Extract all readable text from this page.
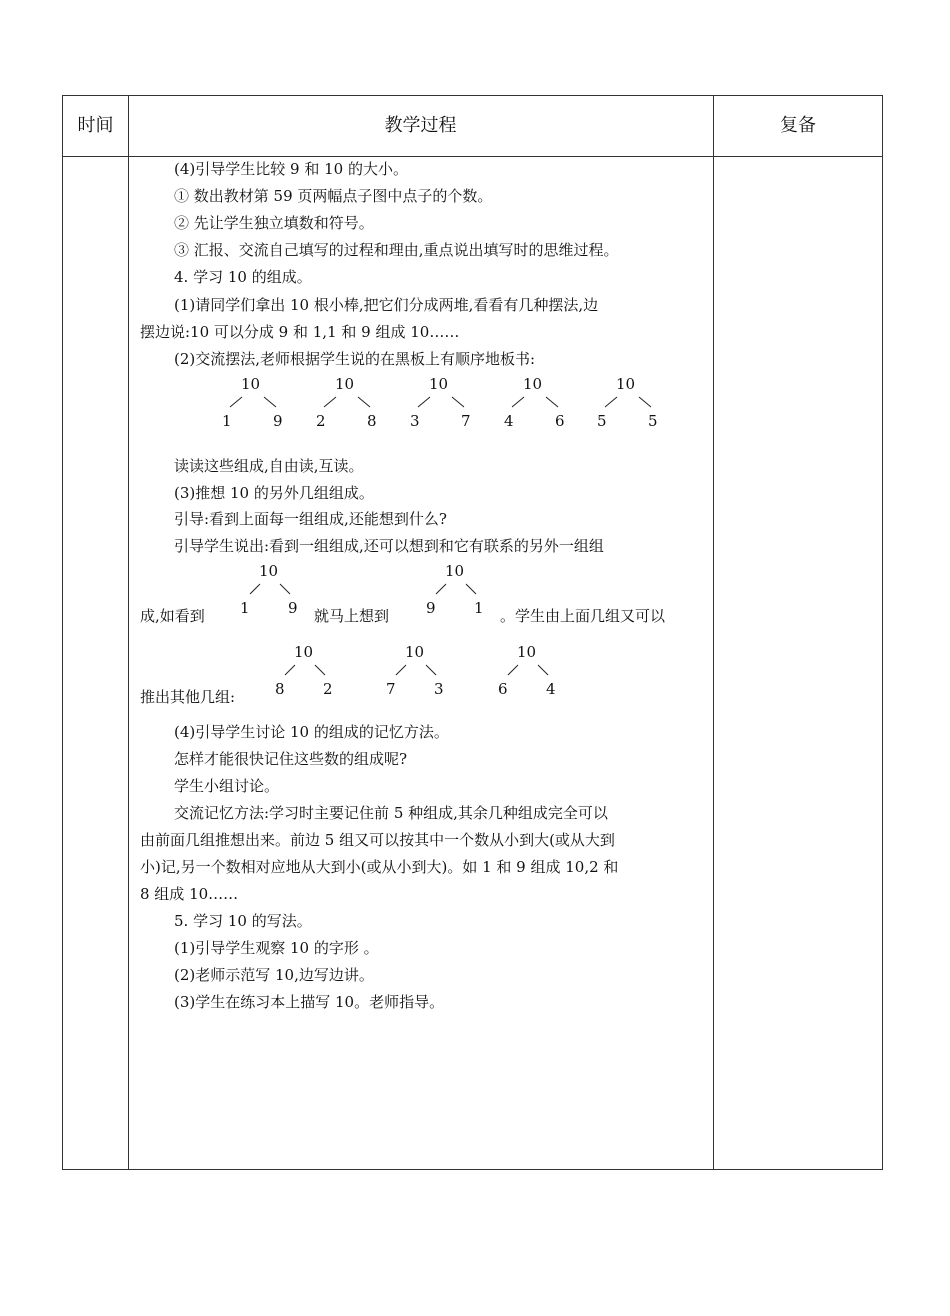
时间	教学过程	复备
(4)引导学生比较 9 和 10 的大小。
① 数出教材第 59 页两幅点子图中点子的个数。
② 先让学生独立填数和符号。
③ 汇报、交流自己填写的过程和理由,重点说出填写时的思维过程。
4. 学习 10 的组成。
(1)请同学们拿出 10 根小棒,把它们分成两堆,看看有几种摆法,边
摆边说:10 可以分成 9 和 1,1 和 9 组成 10……
(2)交流摆法,老师根据学生说的在黑板上有顺序地板书:
10
1	9
10
2	8
10
3	7
10
4	6
10
5	5
读读这些组成,自由读,互读。
(3)推想 10 的另外几组组成。
引导:看到上面每一组组成,还能想到什么?
引导学生说出:看到一组组成,还可以想到和它有联系的另外一组组
10
1	9
10
9	1
成,如看到	就马上想到	。学生由上面几组又可以
10
8	2
10
7	3
10
6	4
推出其他几组:
(4)引导学生讨论 10 的组成的记忆方法。
怎样才能很快记住这些数的组成呢?
学生小组讨论。
交流记忆方法:学习时主要记住前 5 种组成,其余几种组成完全可以
由前面几组推想出来。前边 5 组又可以按其中一个数从小到大(或从大到
小)记,另一个数相对应地从大到小(或从小到大)。如 1 和 9 组成 10,2 和
8 组成 10……
5. 学习 10 的写法。
(1)引导学生观察 10 的字形 。
(2)老师示范写 10,边写边讲。
(3)学生在练习本上描写 10。老师指导。
